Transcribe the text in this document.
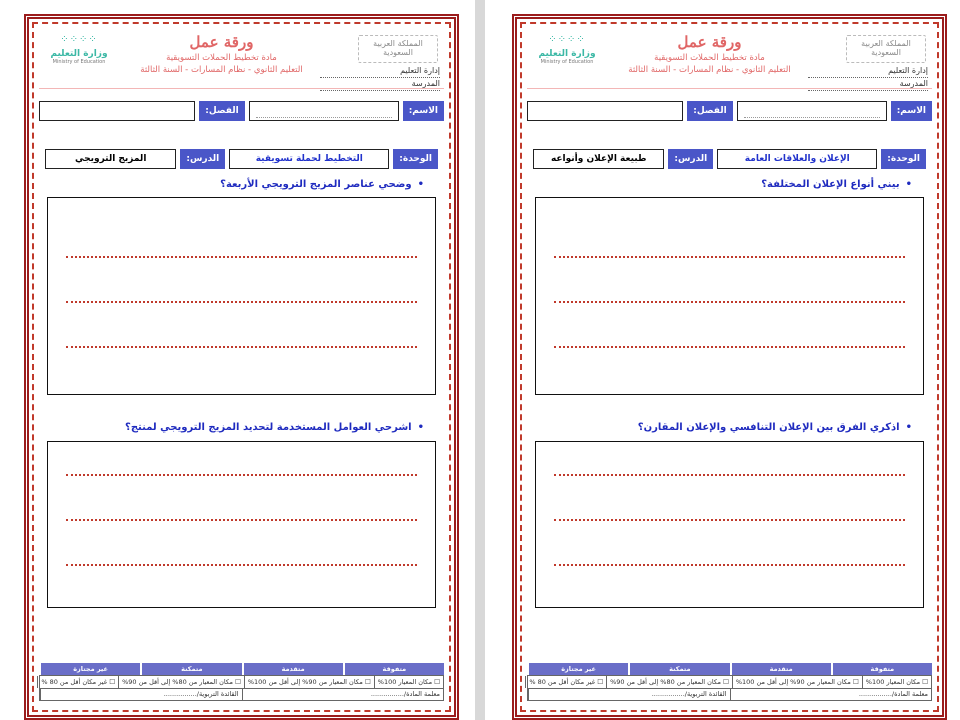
المملكة العربية السعودية
إدارة التعليم
المدرسة
ورقة عمل
مادة تخطيط الحملات التسويقية
التعليم الثانوي - نظام المسارات - السنة الثالثة
⁘⁘⁘⁘
وزارة التعليم
Ministry of Education
الاسم:
الفصل:
الوحدة:
التخطيط لحملة تسويقية
الدرس:
المزيج الترويجي
•وضحي عناصر المزيج الترويجي الأربعة؟
•اشرحي العوامل المستخدمة لتحديد المزيج الترويجي لمنتج؟
متفوقة
متقدمة
متمكنة
غير مجتازة
☐ مكان المعيار 100%
☐ مكان المعيار من 90% إلى أقل من 100%
☐ مكان المعيار من 80% إلى أقل من 90%
☐ غير مكان أقل من 80 %
معلمة المادة/................
القائدة التربوية/................
المملكة العربية السعودية
إدارة التعليم
المدرسة
ورقة عمل
مادة تخطيط الحملات التسويقية
التعليم الثانوي - نظام المسارات - السنة الثالثة
⁘⁘⁘⁘
وزارة التعليم
Ministry of Education
الاسم:
الفصل:
الوحدة:
الإعلان والعلاقات العامة
الدرس:
طبيعة الإعلان وأنواعه
•بيني أنواع الإعلان المختلفة؟
•اذكري الفرق بين الإعلان التنافسي والإعلان المقارن؟
متفوقة
متقدمة
متمكنة
غير مجتازة
☐ مكان المعيار 100%
☐ مكان المعيار من 90% إلى أقل من 100%
☐ مكان المعيار من 80% إلى أقل من 90%
☐ غير مكان أقل من 80 %
معلمة المادة/................
القائدة التربوية/................
